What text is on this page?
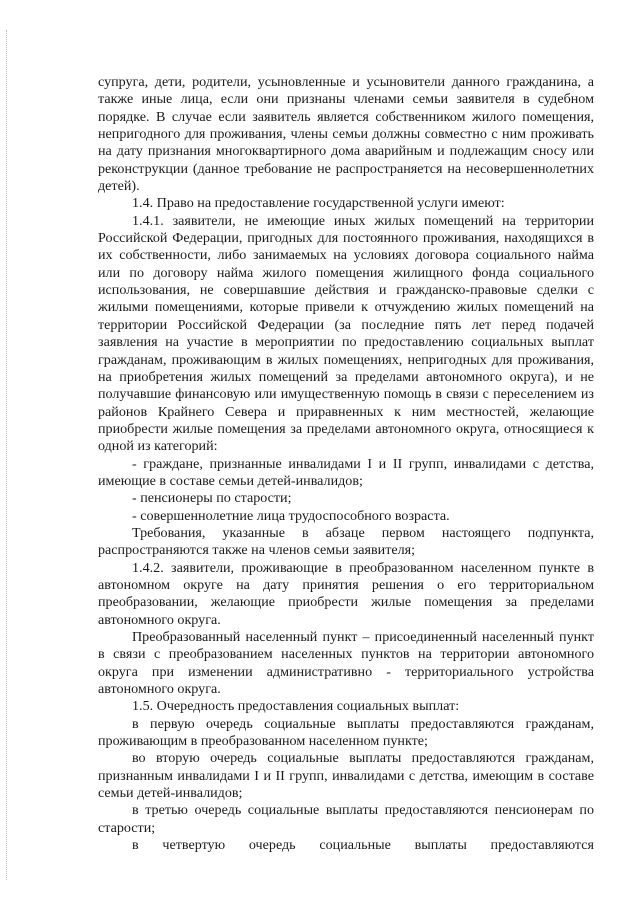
супруга, дети, родители, усыновленные и усыновители данного гражданина, а также иные лица, если они признаны членами семьи заявителя в судебном порядке. В случае если заявитель является собственником жилого помещения, непригодного для проживания, члены семьи должны совместно с ним проживать на дату признания многоквартирного дома аварийным и подлежащим сносу или реконструкции (данное требование не распространяется на несовершеннолетних детей).

1.4. Право на предоставление государственной услуги имеют:

1.4.1. заявители, не имеющие иных жилых помещений на территории Российской Федерации, пригодных для постоянного проживания, находящихся в их собственности, либо занимаемых на условиях договора социального найма или по договору найма жилого помещения жилищного фонда социального использования, не совершавшие действия и гражданско-правовые сделки с жилыми помещениями, которые привели к отчуждению жилых помещений на территории Российской Федерации (за последние пять лет перед подачей заявления на участие в мероприятии по предоставлению социальных выплат гражданам, проживающим в жилых помещениях, непригодных для проживания, на приобретения жилых помещений за пределами автономного округа), и не получавшие финансовую или имущественную помощь в связи с переселением из районов Крайнего Севера и приравненных к ним местностей, желающие приобрести жилые помещения за пределами автономного округа, относящиеся к одной из категорий:

- граждане, признанные инвалидами I и II групп, инвалидами с детства, имеющие в составе семьи детей-инвалидов;

- пенсионеры по старости;

- совершеннолетние лица трудоспособного возраста.

Требования, указанные в абзаце первом настоящего подпункта, распространяются также на членов семьи заявителя;

1.4.2. заявители, проживающие в преобразованном населенном пункте в автономном округе на дату принятия решения о его территориальном преобразовании, желающие приобрести жилые помещения за пределами автономного округа.

Преобразованный населенный пункт – присоединенный населенный пункт в связи с преобразованием населенных пунктов на территории автономного округа при изменении административно - территориального устройства автономного округа.

1.5. Очередность предоставления социальных выплат:

в первую очередь социальные выплаты предоставляются гражданам, проживающим в преобразованном населенном пункте;

во вторую очередь социальные выплаты предоставляются гражданам, признанным инвалидами I и II групп, инвалидами с детства, имеющим в составе семьи детей-инвалидов;

в третью очередь социальные выплаты предоставляются пенсионерам по старости;

в четвертую очередь социальные выплаты предоставляются
